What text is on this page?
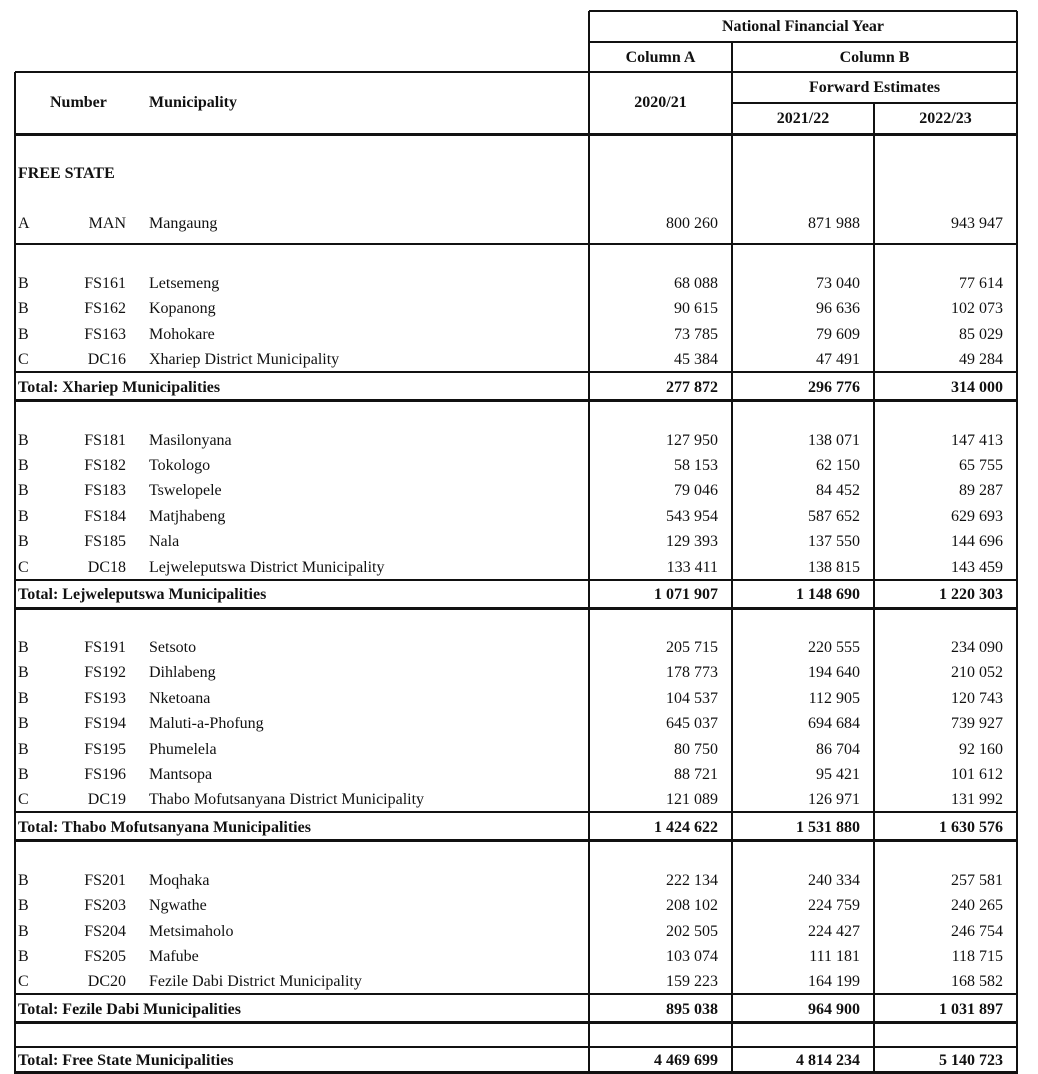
National Financial Year
Column A	Column B
Number	Municipality	2020/21
Forward Estimates
2021/22	2022/23
FREE STATE
A	MAN Mangaung	800 260	871 988	943 947
B	FS161 Letsemeng	68 088	73 040	77 614
B	FS162 Kopanong	90 615	96 636	102 073
B	FS163 Mohokare	73 785	79 609	85 029
C	DC16 Xhariep District Municipality	45 384	47 491	49 284
Total: Xhariep Municipalities	277 872	296 776	314 000
B	FS181 Masilonyana	127 950	138 071	147 413
B	FS182 Tokologo	58 153	62 150	65 755
B	FS183 Tswelopele	79 046	84 452	89 287
B	FS184 Matjhabeng	543 954	587 652	629 693
B	FS185 Nala	129 393	137 550	144 696
C	DC18 Lejweleputswa District Municipality	133 411	138 815	143 459
Total: Lejweleputswa Municipalities	1 071 907	1 148 690	1 220 303
B	FS191 Setsoto	205 715	220 555	234 090
B	FS192 Dihlabeng	178 773	194 640	210 052
B	FS193 Nketoana	104 537	112 905	120 743
B	FS194 Maluti-a-Phofung	645 037	694 684	739 927
B	FS195 Phumelela	80 750	86 704	92 160
B	FS196 Mantsopa	88 721	95 421	101 612
C	DC19 Thabo Mofutsanyana District Municipality	121 089	126 971	131 992
Total: Thabo Mofutsanyana Municipalities	1 424 622	1 531 880	1 630 576
B	FS201 Moqhaka	222 134	240 334	257 581
B	FS203 Ngwathe	208 102	224 759	240 265
B	FS204 Metsimaholo	202 505	224 427	246 754
B	FS205 Mafube	103 074	111 181	118 715
C	DC20 Fezile Dabi District Municipality	159 223	164 199	168 582
Total: Fezile Dabi Municipalities	895 038	964 900	1 031 897
Total: Free State Municipalities	4 469 699	4 814 234	5 140 723
